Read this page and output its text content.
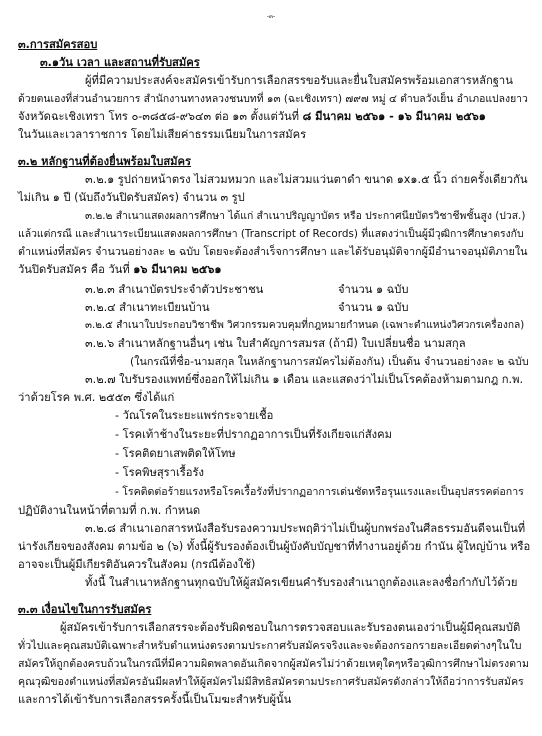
-๓-
๓.การสมัครสอบ
๓.๑วัน เวลา และสถานที่รับสมัคร
ผู้ที่มีความประสงค์จะสมัครเข้ารับการเลือกสรรขอรับและยื่นใบสมัครพร้อมเอกสารหลักฐาน
ด้วยตนเองที่ส่วนอำนวยการ สำนักงานทางหลวงชนบทที่ ๑๓ (ฉะเชิงเทรา) ๗๙๗ หมู่ ๔ ตำบลวังเย็น อำเภอแปลงยาว
จังหวัดฉะเชิงเทรา โทร ๐-๓๘๕๘-๙๖๔๓ ต่อ ๑๓ ตั้งแต่วันที่ ๘ มีนาคม ๒๕๖๑ - ๑๖ มีนาคม ๒๕๖๑
ในวันและเวลาราชการ โดยไม่เสียค่าธรรมเนียมในการสมัคร
๓.๒ หลักฐานที่ต้องยื่นพร้อมใบสมัคร
๓.๒.๑ รูปถ่ายหน้าตรง ไม่สวมหมวก และไม่สวมแว่นตาดำ ขนาด ๑x๑.๕ นิ้ว ถ่ายครั้งเดียวกัน
ไม่เกิน ๑ ปี (นับถึงวันปิดรับสมัคร) จำนวน ๓ รูป
๓.๒.๒ สำเนาแสดงผลการศึกษา ได้แก่ สำเนาปริญญาบัตร หรือ ประกาศนียบัตรวิชาชีพชั้นสูง (ปวส.)
แล้วแต่กรณี และสำเนาระเบียนแสดงผลการศึกษา (Transcript of Records) ที่แสดงว่าเป็นผู้มีวุฒิการศึกษาตรงกับ
ตำแหน่งที่สมัคร จำนวนอย่างละ ๒ ฉบับ โดยจะต้องสำเร็จการศึกษา และได้รับอนุมัติจากผู้มีอำนาจอนุมัติภายใน
วันปิดรับสมัคร คือ วันที่ ๑๖ มีนาคม ๒๕๖๑
๓.๒.๓ สำเนาบัตรประจำตัวประชาชน	จำนวน ๑ ฉบับ
๓.๒.๔ สำเนาทะเบียนบ้าน	จำนวน ๑ ฉบับ
๓.๒.๕ สำเนาใบประกอบวิชาชีพ วิศวกรรมควบคุมที่กฎหมายกำหนด (เฉพาะตำแหน่งวิศวกรเครื่องกล)
๓.๒.๖ สำเนาหลักฐานอื่นๆ เช่น ใบสำคัญการสมรส (ถ้ามี) ใบเปลี่ยนชื่อ นามสกุล
(ในกรณีที่ชื่อ-นามสกุล ในหลักฐานการสมัครไม่ต้องกัน) เป็นต้น จำนวนอย่างละ ๒ ฉบับ
๓.๒.๗ ใบรับรองแพทย์ซึ่งออกให้ไม่เกิน ๑ เดือน และแสดงว่าไม่เป็นโรคต้องห้ามตามกฎ ก.พ.
ว่าด้วยโรค พ.ศ. ๒๕๕๓ ซึ่งได้แก่
- วัณโรคในระยะแพร่กระจายเชื้อ
- โรคเท้าช้างในระยะที่ปรากฏอาการเป็นที่รังเกียจแก่สังคม
- โรคติดยาเสพติดให้โทษ
- โรคพิษสุราเรื้อรัง
- โรคติดต่อร้ายแรงหรือโรคเรื้อรังที่ปรากฏอาการเด่นชัดหรือรุนแรงและเป็นอุปสรรคต่อการ
ปฏิบัติงานในหน้าที่ตามที่ ก.พ. กำหนด
๓.๒.๘ สำเนาเอกสารหนังสือรับรองความประพฤติว่าไม่เป็นผู้บกพร่องในศีลธรรมอันดีจนเป็นที่
น่ารังเกียจของสังคม ตามข้อ ๒ (๖) ทั้งนี้ผู้รับรองต้องเป็นผู้บังคับบัญชาที่ทำงานอยู่ด้วย กำนัน ผู้ใหญ่บ้าน หรือ
อาจจะเป็นผู้มีเกียรติอันควรในสังคม (กรณีต้องใช้)
ทั้งนี้ ในสำเนาหลักฐานทุกฉบับให้ผู้สมัครเขียนคำรับรองสำเนาถูกต้องและลงชื่อกำกับไว้ด้วย
๓.๓ เงื่อนไขในการรับสมัคร
ผู้สมัครเข้ารับการเลือกสรรจะต้องรับผิดชอบในการตรวจสอบและรับรองตนเองว่าเป็นผู้มีคุณสมบัติ
ทั่วไปและคุณสมบัติเฉพาะสำหรับตำแหน่งตรงตามประกาศรับสมัครจริงและจะต้องกรอกรายละเอียดต่างๆในใบ
สมัครให้ถูกต้องครบถ้วนในกรณีที่มีความผิดพลาดอันเกิดจากผู้สมัครไม่ว่าด้วยเหตุใดๆหรือวุฒิการศึกษาไม่ตรงตาม
คุณวุฒิของตำแหน่งที่สมัครอันมีผลทำให้ผู้สมัครไม่มีสิทธิสมัครตามประกาศรับสมัครดังกล่าวให้ถือว่าการรับสมัคร
และการได้เข้ารับการเลือกสรรครั้งนี้เป็นโมฆะสำหรับผู้นั้น
